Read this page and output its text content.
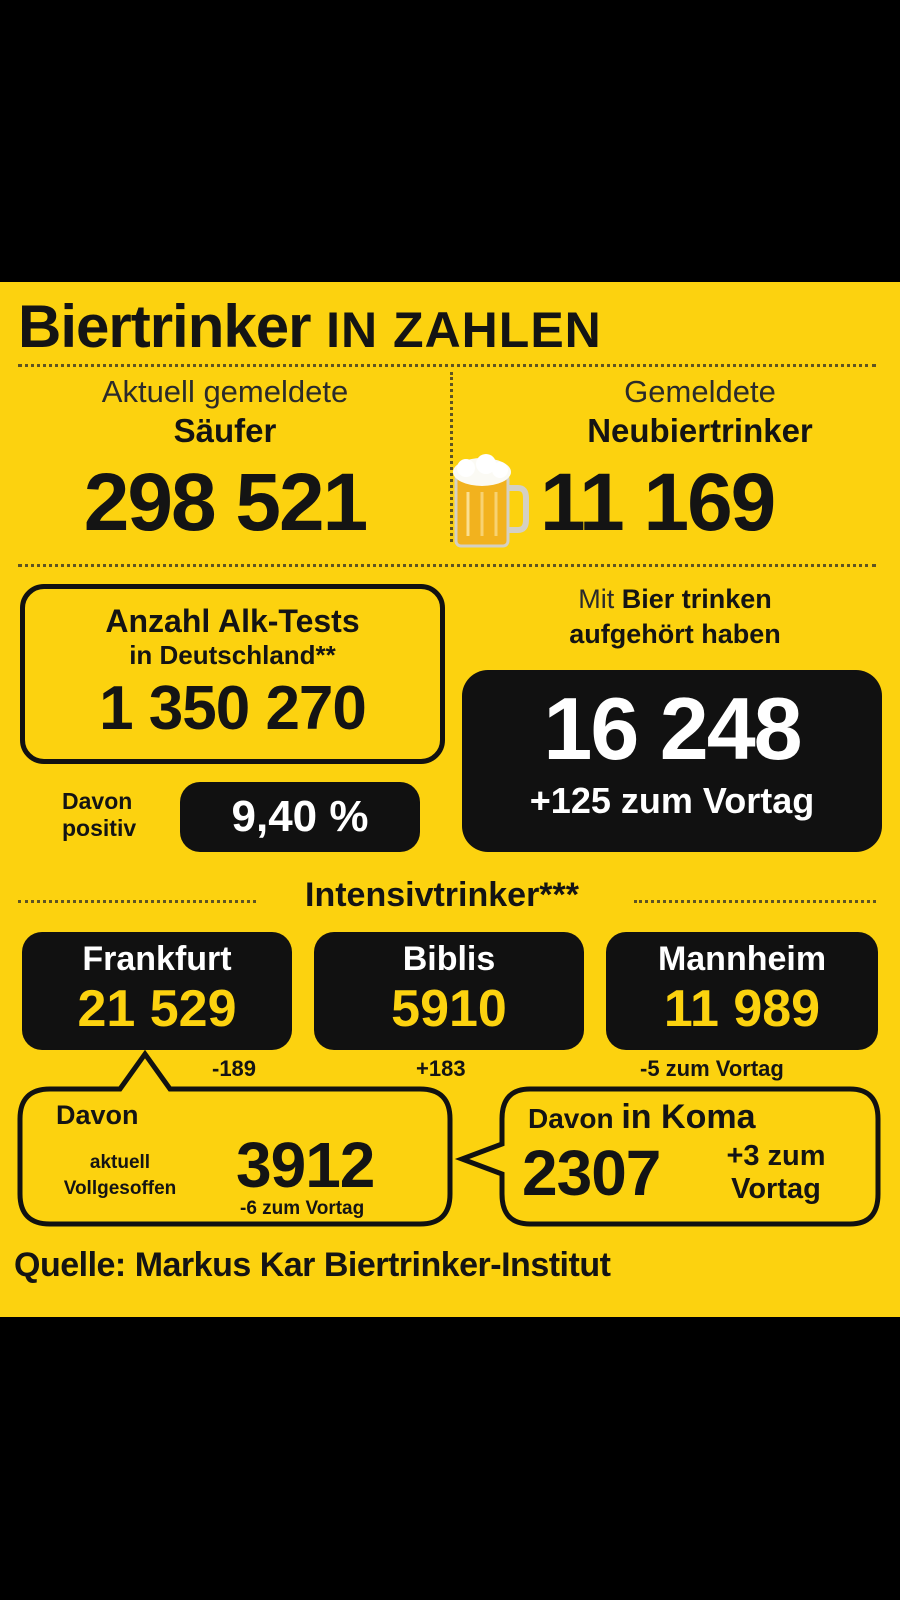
Biertrinker IN ZAHLEN
Aktuell gemeldete
Säufer
298 521
Gemeldete
Neubiertrinker
11 169
Anzahl Alk-Tests
in Deutschland**
1 350 270
Davon
positiv	9,40 %
Mit Bier trinken
aufgehört haben
16 248
+125 zum Vortag
Intensivtrinker***
Frankfurt
21 529
Biblis
5910
Mannheim
11 989
-189	+183	-5 zum Vortag
Davon
aktuell
Vollgesoffen 3912
-6 zum Vortag
Davon in Koma
2307	+3 zum
Vortag
Quelle: Markus Kar Biertrinker-Institut
